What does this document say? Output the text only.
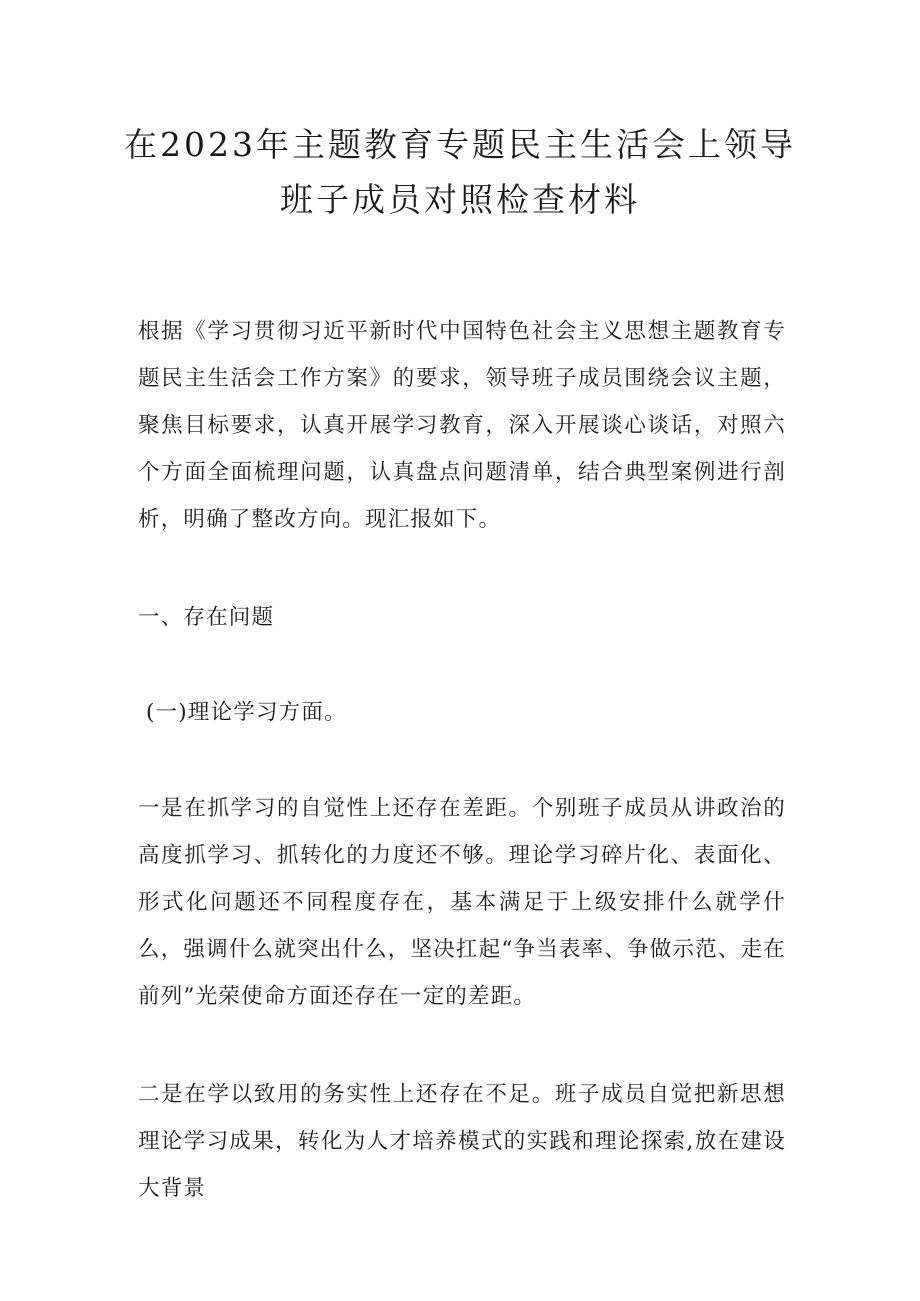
在2023年主题教育专题民主生活会上领导
班子成员对照检查材料

根据《学习贯彻习近平新时代中国特色社会主义思想主题教育专题民主生活会工作方案》的要求，领导班子成员围绕会议主题，聚焦目标要求，认真开展学习教育，深入开展谈心谈话，对照六个方面全面梳理问题，认真盘点问题清单，结合典型案例进行剖析，明确了整改方向。现汇报如下。

一、存在问题

(一)理论学习方面。

一是在抓学习的自觉性上还存在差距。个别班子成员从讲政治的高度抓学习、抓转化的力度还不够。理论学习碎片化、表面化、形式化问题还不同程度存在，基本满足于上级安排什么就学什么，强调什么就突出什么，坚决扛起“争当表率、争做示范、走在前列”光荣使命方面还存在一定的差距。

二是在学以致用的务实性上还存在不足。班子成员自觉把新思想理论学习成果，转化为人才培养模式的实践和理论探索,放在建设大背景
